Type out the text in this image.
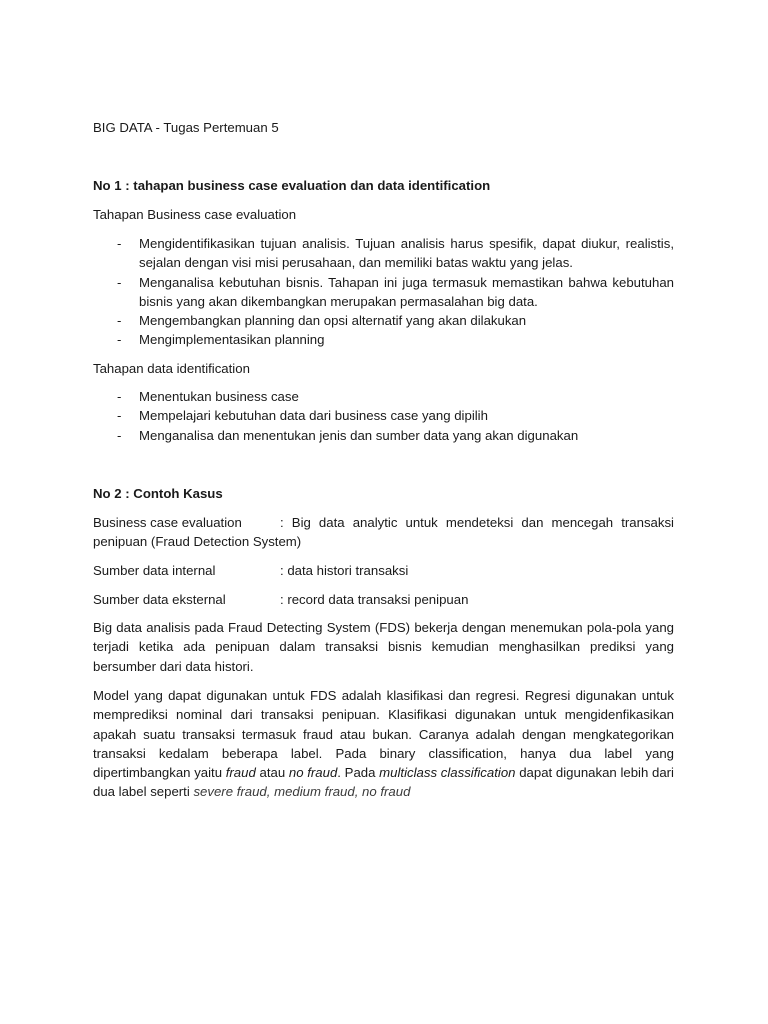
BIG DATA - Tugas Pertemuan 5

No 1 : tahapan business case evaluation dan data identification

Tahapan Business case evaluation

- Mengidentifikasikan tujuan analisis. Tujuan analisis harus spesifik, dapat diukur, realistis, sejalan dengan visi misi perusahaan, dan memiliki batas waktu yang jelas.
- Menganalisa kebutuhan bisnis. Tahapan ini juga termasuk memastikan bahwa kebutuhan bisnis yang akan dikembangkan merupakan permasalahan big data.
- Mengembangkan planning dan opsi alternatif yang akan dilakukan
- Mengimplementasikan planning

Tahapan data identification

- Menentukan business case
- Mempelajari kebutuhan data dari business case yang dipilih
- Menganalisa dan menentukan jenis dan sumber data yang akan digunakan

No 2 : Contoh Kasus

Business case evaluation	: Big data analytic untuk mendeteksi dan mencegah transaksi penipuan (Fraud Detection System)

Sumber data internal	: data histori transaksi

Sumber data eksternal	: record data transaksi penipuan

Big data analisis pada Fraud Detecting System (FDS) bekerja dengan menemukan pola-pola yang terjadi ketika ada penipuan dalam transaksi bisnis kemudian menghasilkan prediksi yang bersumber dari data histori.

Model yang dapat digunakan untuk FDS adalah klasifikasi dan regresi. Regresi digunakan untuk memprediksi nominal dari transaksi penipuan. Klasifikasi digunakan untuk mengidenfikasikan apakah suatu transaksi termasuk fraud atau bukan. Caranya adalah dengan mengkategorikan transaksi kedalam beberapa label. Pada binary classification, hanya dua label yang dipertimbangkan yaitu fraud atau no fraud. Pada multiclass classification dapat digunakan lebih dari dua label seperti severe fraud, medium fraud, no fraud
